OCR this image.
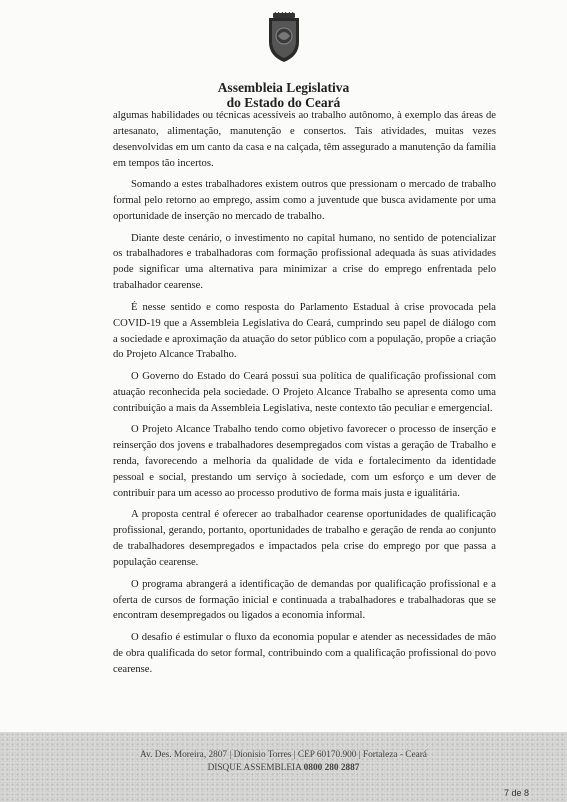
Assembleia Legislativa
do Estado do Ceará

algumas habilidades ou técnicas acessíveis ao trabalho autônomo, à exemplo das áreas de artesanato, alimentação, manutenção e consertos. Tais atividades, muitas vezes desenvolvidas em um canto da casa e na calçada, têm assegurado a manutenção da família em tempos tão incertos.

Somando a estes trabalhadores existem outros que pressionam o mercado de trabalho formal pelo retorno ao emprego, assim como a juventude que busca avidamente por uma oportunidade de inserção no mercado de trabalho.

Diante deste cenário, o investimento no capital humano, no sentido de potencializar os trabalhadores e trabalhadoras com formação profissional adequada às suas atividades pode significar uma alternativa para minimizar a crise do emprego enfrentada pelo trabalhador cearense.

É nesse sentido e como resposta do Parlamento Estadual à crise provocada pela COVID-19 que a Assembleia Legislativa do Ceará, cumprindo seu papel de diálogo com a sociedade e aproximação da atuação do setor público com a população, propõe a criação do Projeto Alcance Trabalho.

O Governo do Estado do Ceará possui sua política de qualificação profissional com atuação reconhecida pela sociedade. O Projeto Alcance Trabalho se apresenta como uma contribuição a mais da Assembleia Legislativa, neste contexto tão peculiar e emergencial.

O Projeto Alcance Trabalho tendo como objetivo favorecer o processo de inserção e reinserção dos jovens e trabalhadores desempregados com vistas a geração de Trabalho e renda, favorecendo a melhoria da qualidade de vida e fortalecimento da identidade pessoal e social, prestando um serviço à sociedade, com um esforço e um dever de contribuir para um acesso ao processo produtivo de forma mais justa e igualitária.

A proposta central é oferecer ao trabalhador cearense oportunidades de qualificação profissional, gerando, portanto, oportunidades de trabalho e geração de renda ao conjunto de trabalhadores desempregados e impactados pela crise do emprego por que passa a população cearense.

O programa abrangerá a identificação de demandas por qualificação profissional e a oferta de cursos de formação inicial e continuada a trabalhadores e trabalhadoras que se encontram desempregados ou ligados a economia informal.

O desafio é estimular o fluxo da economia popular e atender as necessidades de mão de obra qualificada do setor formal, contribuindo com a qualificação profissional do povo cearense.

Av. Des. Moreira, 2807 | Dionísio Torres | CEP 60170.900 | Fortaleza - Ceará
DISQUE ASSEMBLEIA 0800 280 2887
7 de 8
